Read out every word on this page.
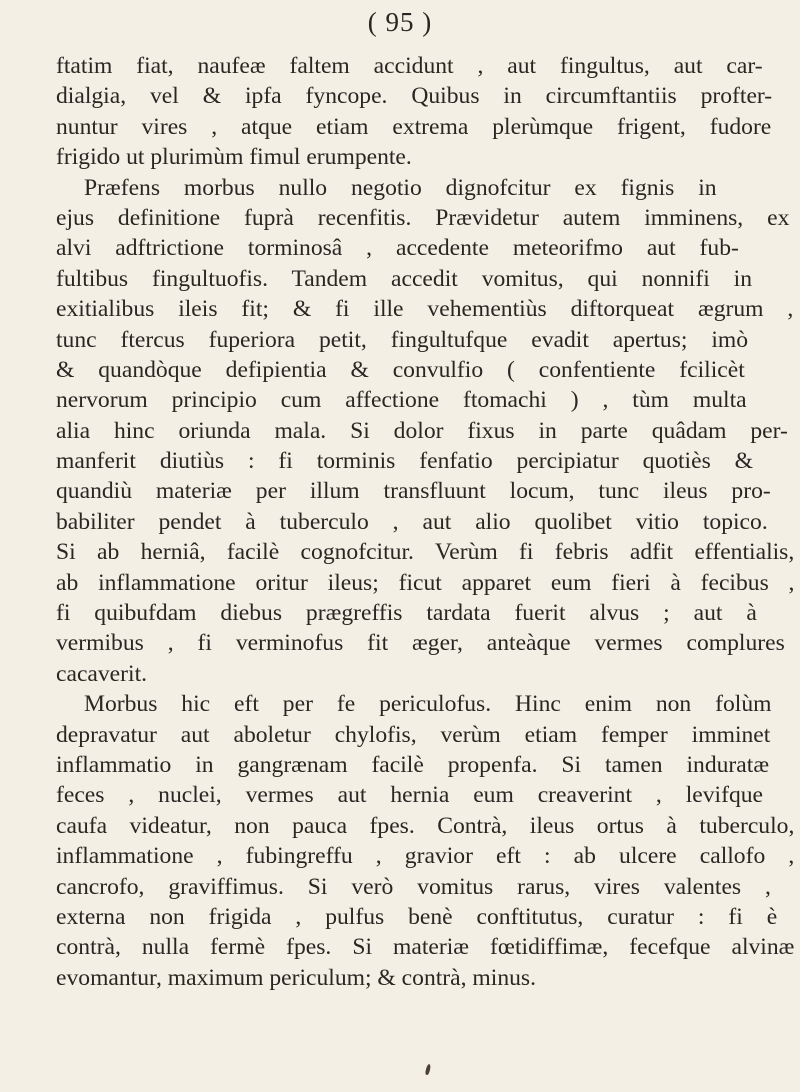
( 95 )
ftatim fiat, naufeæ faltem accidunt , aut fingultus, aut car-
dialgia, vel & ipfa fyncope. Quibus in circumftantiis profter-
nuntur vires , atque etiam extrema plerùmque frigent, fudore
frigido ut plurimùm fimul erumpente.
Præfens morbus nullo negotio dignofcitur ex fignis in
ejus definitione fuprà recenfitis. Prævidetur autem imminens, ex
alvi adftrictione torminosâ , accedente meteorifmo aut fub-
fultibus fingultuofis. Tandem accedit vomitus, qui nonnifi in
exitialibus ileis fit; & fi ille vehementiùs diftorqueat ægrum ,
tunc ftercus fuperiora petit, fingultufque evadit apertus; imò
& quandòque defipientia & convulfio ( confentiente fcilicèt
nervorum principio cum affectione ftomachi ) , tùm multa
alia hinc oriunda mala. Si dolor fixus in parte quâdam per-
manferit diutiùs : fi torminis fenfatio percipiatur quotiès &
quandiù materiæ per illum transfluunt locum, tunc ileus pro-
babiliter pendet à tuberculo , aut alio quolibet vitio topico.
Si ab herniâ, facilè cognofcitur. Verùm fi febris adfit effentialis,
ab inflammatione oritur ileus; ficut apparet eum fieri à fecibus ,
fi quibufdam diebus prægreffis tardata fuerit alvus ; aut à
vermibus , fi verminofus fit æger, anteàque vermes complures
cacaverit.
Morbus hic eft per fe periculofus. Hinc enim non folùm
depravatur aut aboletur chylofis, verùm etiam femper imminet
inflammatio in gangrænam facilè propenfa. Si tamen induratæ
feces , nuclei, vermes aut hernia eum creaverint , levifque
caufa videatur, non pauca fpes. Contrà, ileus ortus à tuberculo,
inflammatione , fubingreffu , gravior eft : ab ulcere callofo ,
cancrofo, graviffimus. Si verò vomitus rarus, vires valentes ,
externa non frigida , pulfus benè conftitutus, curatur : fi è
contrà, nulla fermè fpes. Si materiæ fœtidiffimæ, fecefque alvinæ
evomantur, maximum periculum; & contrà, minus.
